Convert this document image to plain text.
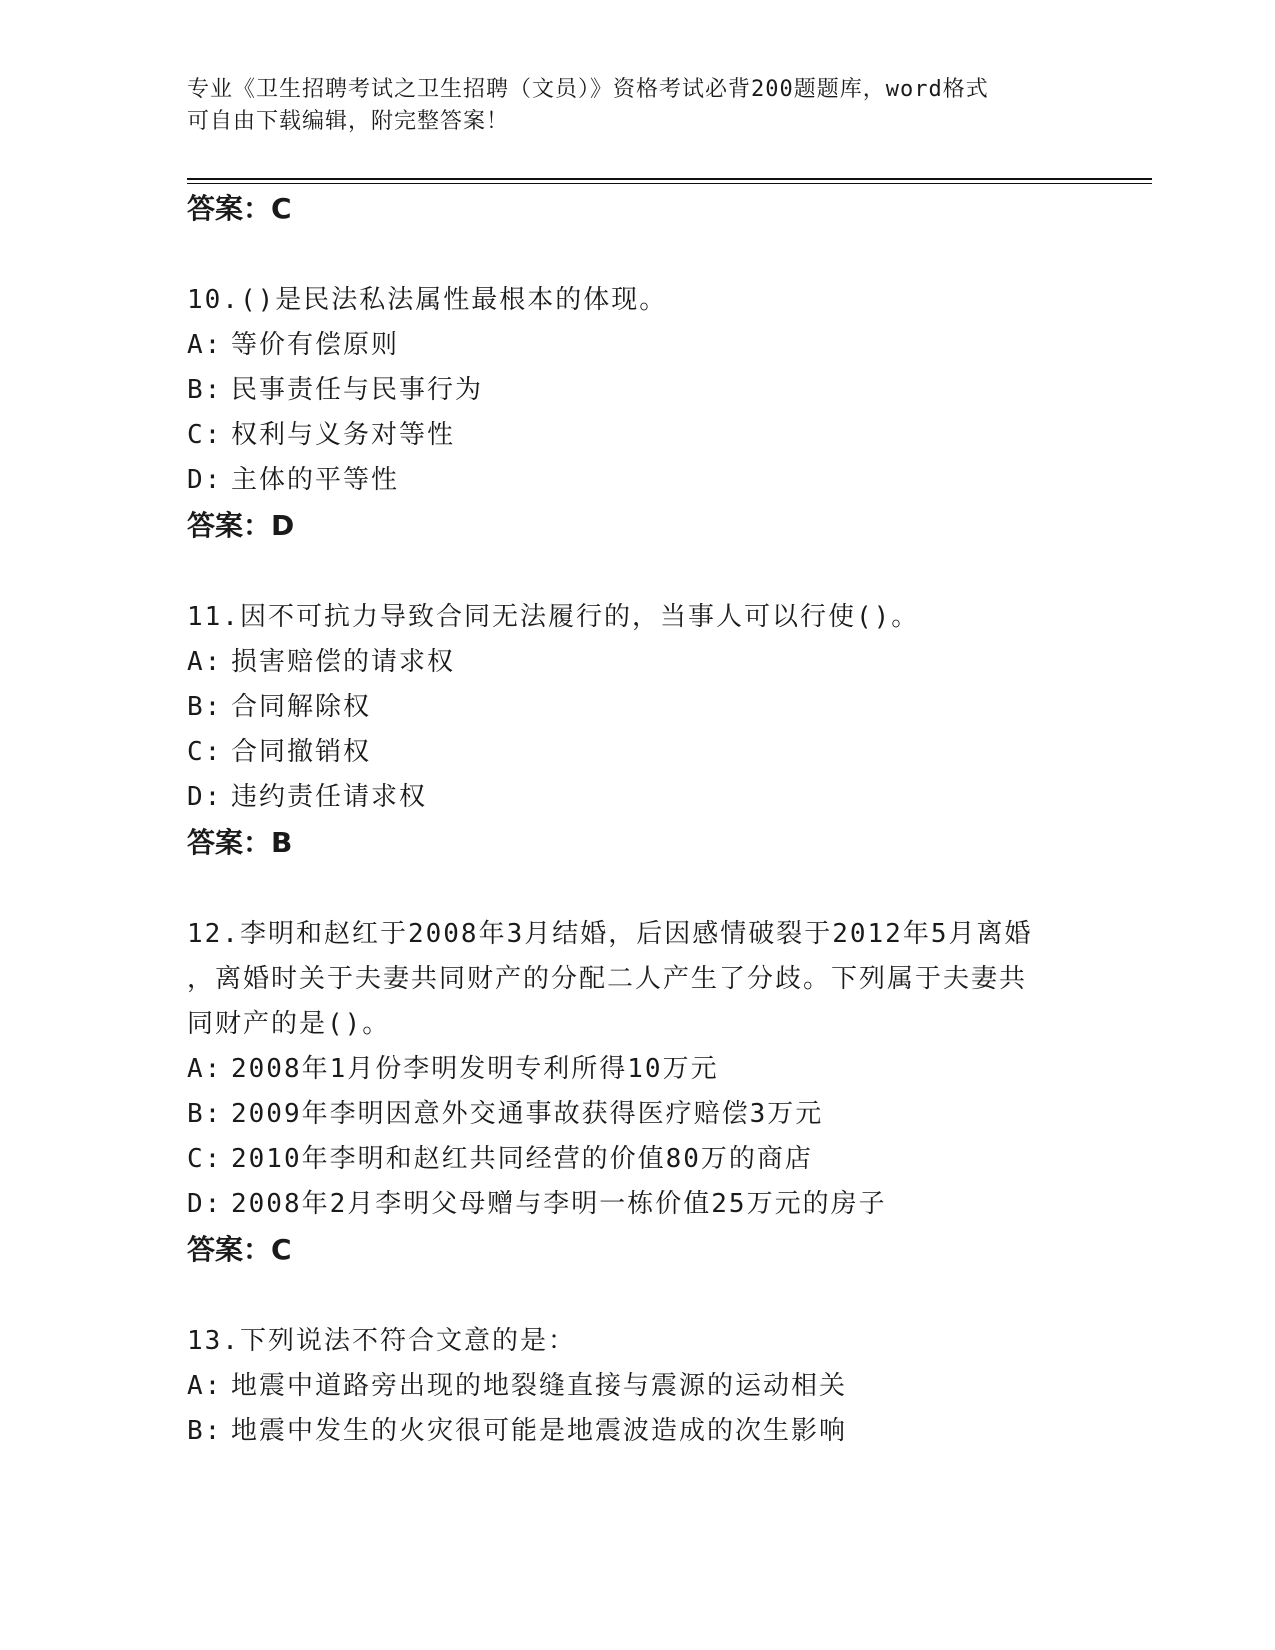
专业《卫生招聘考试之卫生招聘（文员）》资格考试必背200题题库，word格式
可自由下载编辑，附完整答案！
答案：C
10.()是民法私法属性最根本的体现。
A: 等价有偿原则
B: 民事责任与民事行为
C: 权利与义务对等性
D: 主体的平等性
答案：D
11.因不可抗力导致合同无法履行的，当事人可以行使()。
A: 损害赔偿的请求权
B: 合同解除权
C: 合同撤销权
D: 违约责任请求权
答案：B
12.李明和赵红于2008年3月结婚，后因感情破裂于2012年5月离婚
，离婚时关于夫妻共同财产的分配二人产生了分歧。下列属于夫妻共
同财产的是()。
A: 2008年1月份李明发明专利所得10万元
B: 2009年李明因意外交通事故获得医疗赔偿3万元
C: 2010年李明和赵红共同经营的价值80万的商店
D: 2008年2月李明父母赠与李明一栋价值25万元的房子
答案：C
13.下列说法不符合文意的是：
A: 地震中道路旁出现的地裂缝直接与震源的运动相关
B: 地震中发生的火灾很可能是地震波造成的次生影响
